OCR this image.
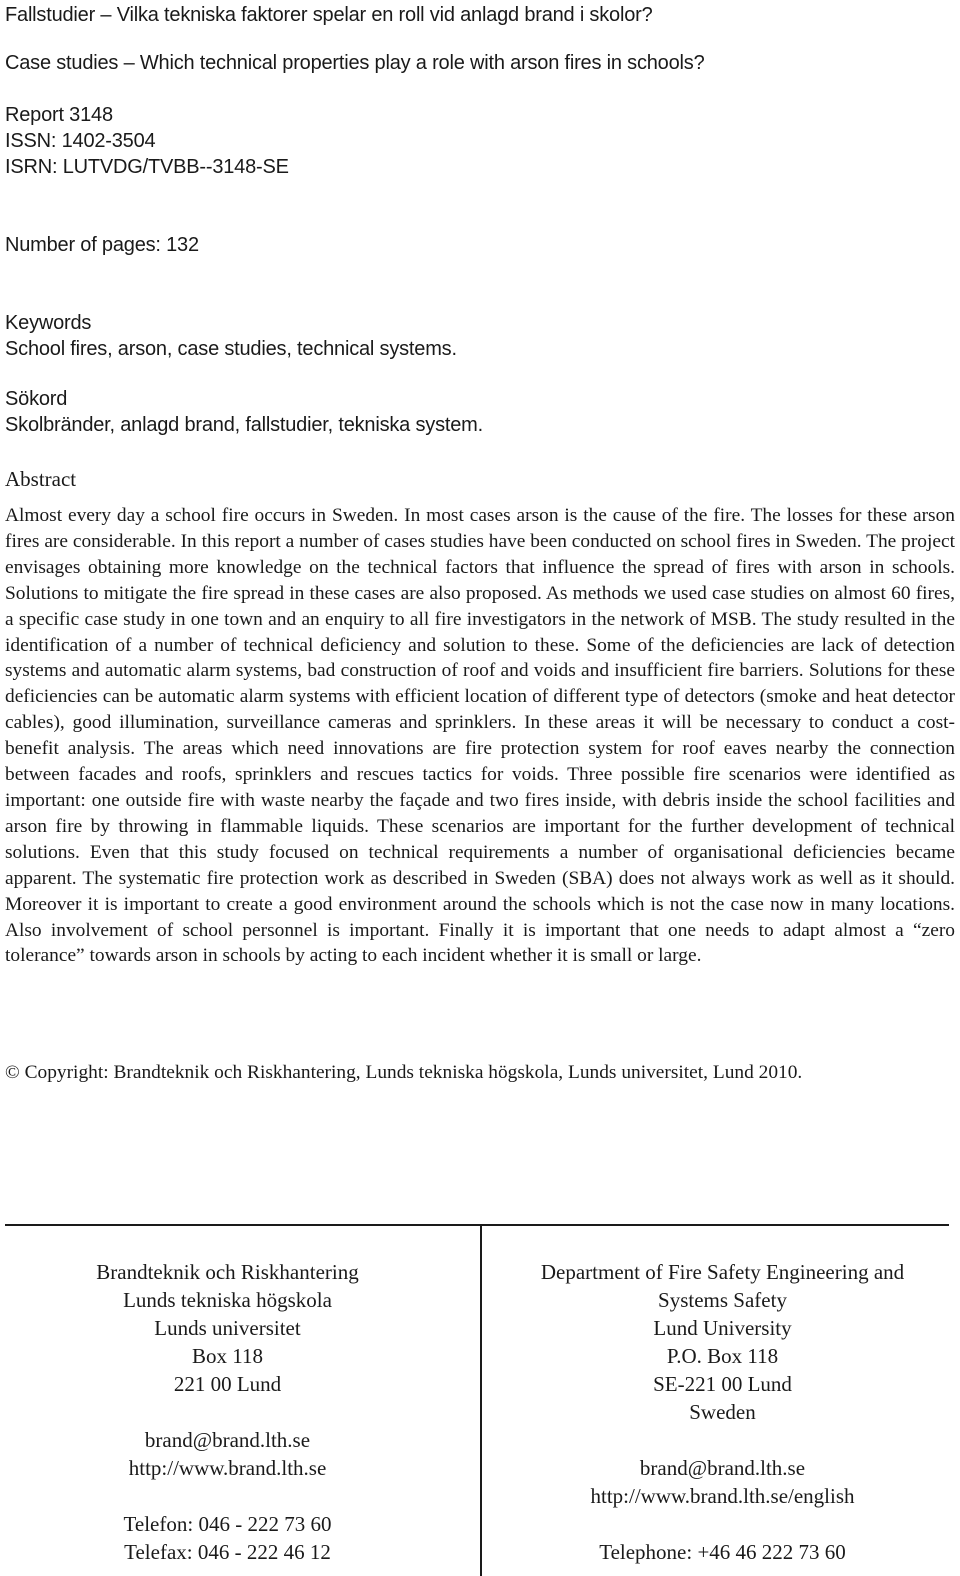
Fallstudier – Vilka tekniska faktorer spelar en roll vid anlagd brand i skolor?
Case studies – Which technical properties play a role with arson fires in schools?
Report 3148
ISSN: 1402-3504
ISRN: LUTVDG/TVBB--3148-SE
Number of pages: 132
Keywords
School fires, arson, case studies, technical systems.
Sökord
Skolbränder, anlagd brand, fallstudier, tekniska system.
Abstract
Almost every day a school fire occurs in Sweden. In most cases arson is the cause of the fire. The losses for these arson fires are considerable. In this report a number of cases studies have been conducted on school fires in Sweden. The project envisages obtaining more knowledge on the technical factors that influence the spread of fires with arson in schools. Solutions to mitigate the fire spread in these cases are also proposed. As methods we used case studies on almost 60 fires, a specific case study in one town and an enquiry to all fire investigators in the network of MSB. The study resulted in the identification of a number of technical deficiency and solution to these. Some of the deficiencies are lack of detection systems and automatic alarm systems, bad construction of roof and voids and insufficient fire barriers. Solutions for these deficiencies can be automatic alarm systems with efficient location of different type of detectors (smoke and heat detector cables), good illumination, surveillance cameras and sprinklers. In these areas it will be necessary to conduct a cost-benefit analysis. The areas which need innovations are fire protection system for roof eaves nearby the connection between facades and roofs, sprinklers and rescues tactics for voids. Three possible fire scenarios were identified as important: one outside fire with waste nearby the façade and two fires inside, with debris inside the school facilities and arson fire by throwing in flammable liquids. These scenarios are important for the further development of technical solutions. Even that this study focused on technical requirements a number of organisational deficiencies became apparent. The systematic fire protection work as described in Sweden (SBA) does not always work as well as it should. Moreover it is important to create a good environment around the schools which is not the case now in many locations. Also involvement of school personnel is important. Finally it is important that one needs to adapt almost a “zero tolerance” towards arson in schools by acting to each incident whether it is small or large.
© Copyright: Brandteknik och Riskhantering, Lunds tekniska högskola, Lunds universitet, Lund 2010.
Brandteknik och Riskhantering
Lunds tekniska högskola
Lunds universitet
Box 118
221 00 Lund
brand@brand.lth.se
http://www.brand.lth.se
Telefon: 046 - 222 73 60
Telefax: 046 - 222 46 12
Department of Fire Safety Engineering and
Systems Safety
Lund University
P.O. Box 118
SE-221 00 Lund
Sweden
brand@brand.lth.se
http://www.brand.lth.se/english
Telephone: +46 46 222 73 60
